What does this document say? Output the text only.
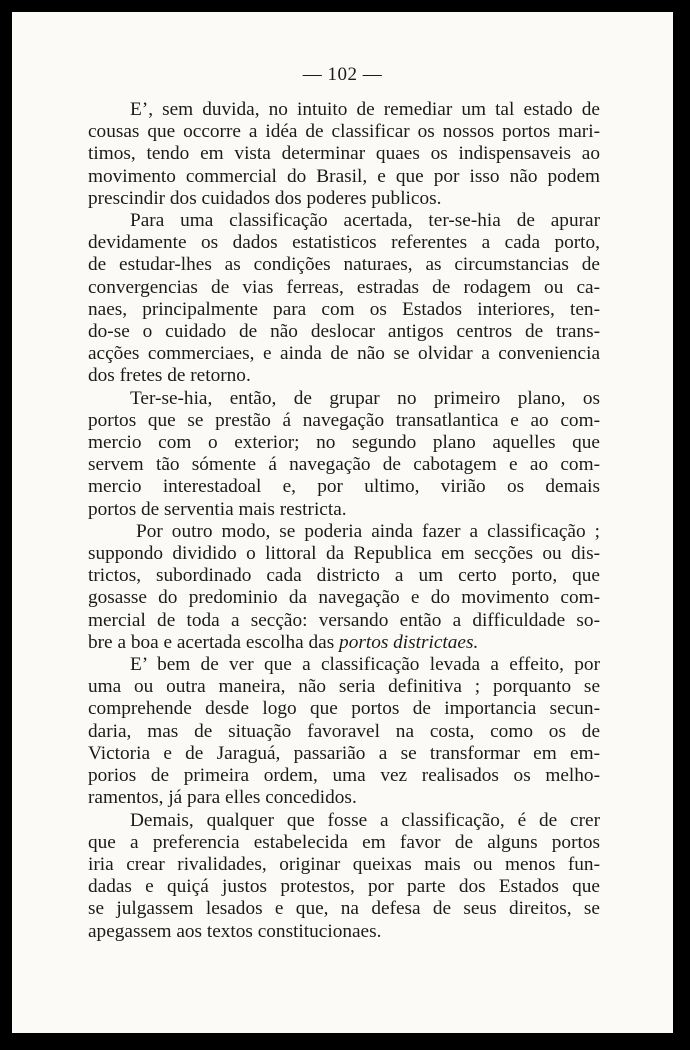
— 102 —

E’, sem duvida, no intuito de remediar um tal estado de
cousas que occorre a idéa de classificar os nossos portos mari-
timos, tendo em vista determinar quaes os indispensaveis ao
movimento commercial do Brasil, e que por isso não podem
prescindir dos cuidados dos poderes publicos.

Para uma classificação acertada, ter-se-hia de apurar
devidamente os dados estatisticos referentes a cada porto,
de estudar-lhes as condições naturaes, as circumstancias de
convergencias de vias ferreas, estradas de rodagem ou ca-
naes, principalmente para com os Estados interiores, ten-
do-se o cuidado de não deslocar antigos centros de trans-
acções commerciaes, e ainda de não se olvidar a conveniencia
dos fretes de retorno.

Ter-se-hia, então, de grupar no primeiro plano, os
portos que se prestão á navegação transatlantica e ao com-
mercio com o exterior; no segundo plano aquelles que
servem tão sómente á navegação de cabotagem e ao com-
mercio interestadoal e, por ultimo, virião os demais
portos de serventia mais restricta.

Por outro modo, se poderia ainda fazer a classificação ;
suppondo dividido o littoral da Republica em secções ou dis-
trictos, subordinado cada districto a um certo porto, que
gosasse do predominio da navegação e do movimento com-
mercial de toda a secção: versando então a difficuldade so-
bre a boa e acertada escolha das portos districtaes.

E’ bem de ver que a classificação levada a effeito, por
uma ou outra maneira, não seria definitiva ; porquanto se
comprehende desde logo que portos de importancia secun-
daria, mas de situação favoravel na costa, como os de
Victoria e de Jaraguá, passarião a se transformar em em-
porios de primeira ordem, uma vez realisados os melho-
ramentos, já para elles concedidos.

Demais, qualquer que fosse a classificação, é de crer
que a preferencia estabelecida em favor de alguns portos
iria crear rivalidades, originar queixas mais ou menos fun-
dadas e quiçá justos protestos, por parte dos Estados que
se julgassem lesados e que, na defesa de seus direitos, se
apegassem aos textos constitucionaes.
